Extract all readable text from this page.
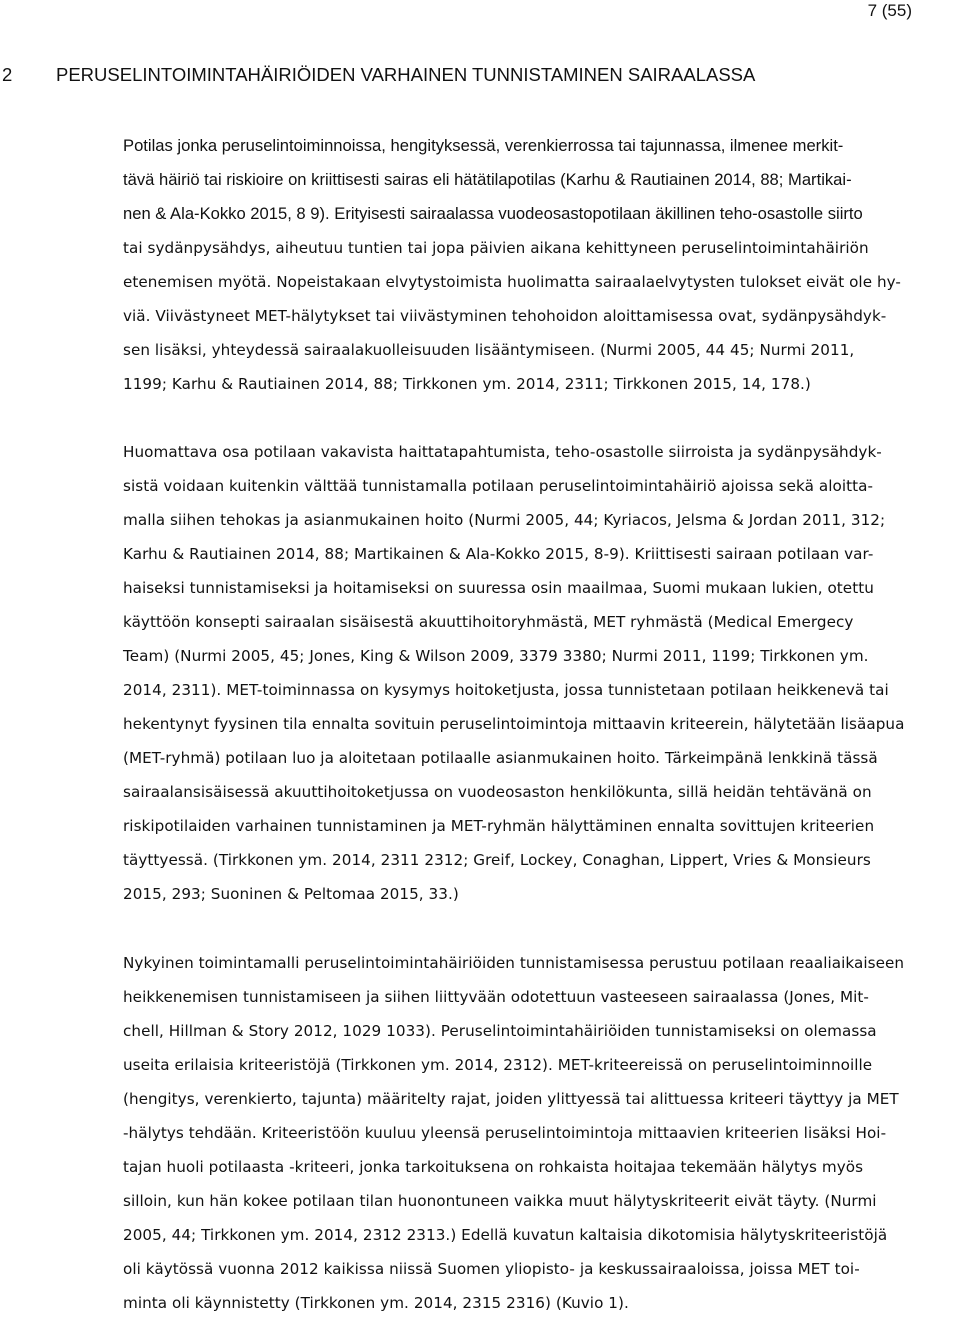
7 (55)
2 PERUSELINTOIMINTAHÄIRIÖIDEN VARHAINEN TUNNISTAMINEN SAIRAALASSA
Potilas jonka peruselintoiminnoissa, hengityksessä, verenkierrossa tai tajunnassa, ilmenee merkit-
tävä häiriö tai riskioire on kriittisesti sairas eli hätätilapotilas (Karhu & Rautiainen 2014, 88; Martikai-
nen & Ala-Kokko 2015, 8 9). Erityisesti sairaalassa vuodeosastopotilaan äkillinen teho-osastolle siirto
tai sydänpysähdys, aiheutuu tuntien tai jopa päivien aikana kehittyneen peruselintoimintahäiriön
etenemisen myötä. Nopeistakaan elvytystoimista huolimatta sairaalaelvytysten tulokset eivät ole hy-
viä. Viivästyneet MET-hälytykset tai viivästyminen tehohoidon aloittamisessa ovat, sydänpysähdyk-
sen lisäksi, yhteydessä sairaalakuolleisuuden lisääntymiseen. (Nurmi 2005, 44 45; Nurmi 2011,
1199; Karhu & Rautiainen 2014, 88; Tirkkonen ym. 2014, 2311; Tirkkonen 2015, 14, 178.)
Huomattava osa potilaan vakavista haittatapahtumista, teho-osastolle siirroista ja sydänpysähdyk-
sistä voidaan kuitenkin välttää tunnistamalla potilaan peruselintoimintahäiriö ajoissa sekä aloitta-
malla siihen tehokas ja asianmukainen hoito (Nurmi 2005, 44; Kyriacos, Jelsma & Jordan 2011, 312;
Karhu & Rautiainen 2014, 88; Martikainen & Ala-Kokko 2015, 8-9). Kriittisesti sairaan potilaan var-
haiseksi tunnistamiseksi ja hoitamiseksi on suuressa osin maailmaa, Suomi mukaan lukien, otettu
käyttöön konsepti sairaalan sisäisestä akuuttihoitoryhmästä, MET ryhmästä (Medical Emergecy
Team) (Nurmi 2005, 45; Jones, King & Wilson 2009, 3379 3380; Nurmi 2011, 1199; Tirkkonen ym.
2014, 2311). MET-toiminnassa on kysymys hoitoketjusta, jossa tunnistetaan potilaan heikkenevä tai
hekentynyt fyysinen tila ennalta sovituin peruselintoimintoja mittaavin kriteerein, hälytetään lisäapua
(MET-ryhmä) potilaan luo ja aloitetaan potilaalle asianmukainen hoito. Tärkeimpänä lenkkinä tässä
sairaalansisäisessä akuuttihoitoketjussa on vuodeosaston henkilökunta, sillä heidän tehtävänä on
riskipotilaiden varhainen tunnistaminen ja MET-ryhmän hälyttäminen ennalta sovittujen kriteerien
täyttyessä. (Tirkkonen ym. 2014, 2311 2312; Greif, Lockey, Conaghan, Lippert, Vries & Monsieurs
2015, 293; Suoninen & Peltomaa 2015, 33.)
Nykyinen toimintamalli peruselintoimintahäiriöiden tunnistamisessa perustuu potilaan reaaliaikaiseen
heikkenemisen tunnistamiseen ja siihen liittyvään odotettuun vasteeseen sairaalassa (Jones, Mit-
chell, Hillman & Story 2012, 1029 1033). Peruselintoimintahäiriöiden tunnistamiseksi on olemassa
useita erilaisia kriteeristöjä (Tirkkonen ym. 2014, 2312). MET-kriteereissä on peruselintoiminnoille
(hengitys, verenkierto, tajunta) määritelty rajat, joiden ylittyessä tai alittuessa kriteeri täyttyy ja MET
-hälytys tehdään. Kriteeristöön kuuluu yleensä peruselintoimintoja mittaavien kriteerien lisäksi Hoi-
tajan huoli potilaasta -kriteeri, jonka tarkoituksena on rohkaista hoitajaa tekemään hälytys myös
silloin, kun hän kokee potilaan tilan huonontuneen vaikka muut hälytyskriteerit eivät täyty. (Nurmi
2005, 44; Tirkkonen ym. 2014, 2312 2313.) Edellä kuvatun kaltaisia dikotomisia hälytyskriteeristöjä
oli käytössä vuonna 2012 kaikissa niissä Suomen yliopisto- ja keskussairaaloissa, joissa MET toi-
minta oli käynnistetty (Tirkkonen ym. 2014, 2315 2316) (Kuvio 1).
